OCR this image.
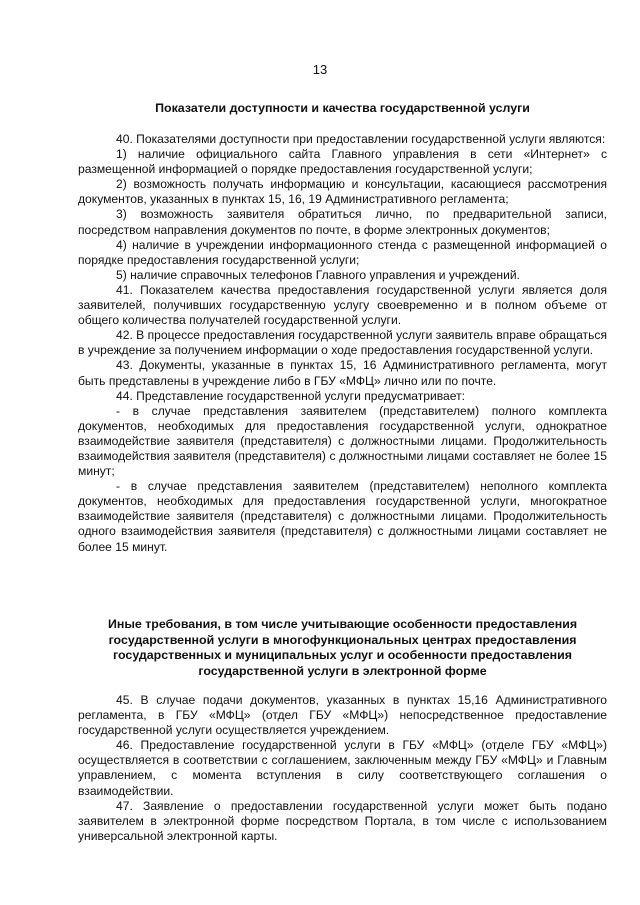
13
Показатели доступности и качества государственной услуги

40. Показателями доступности при предоставлении государственной услуги являются:

1) наличие официального сайта Главного управления в сети «Интернет» с размещенной информацией о порядке предоставления государственной услуги;

2) возможность получать информацию и консультации, касающиеся рассмотрения документов, указанных в пунктах 15, 16, 19 Административного регламента;

3) возможность заявителя обратиться лично, по предварительной записи, посредством направления документов по почте, в форме электронных документов;

4) наличие в учреждении информационного стенда с размещенной информацией о порядке предоставления государственной услуги;

5) наличие справочных телефонов Главного управления и учреждений.

41. Показателем качества предоставления государственной услуги является доля заявителей, получивших государственную услугу своевременно и в полном объеме от общего количества получателей государственной услуги.

42. В процессе предоставления государственной услуги заявитель вправе обращаться в учреждение за получением информации о ходе предоставления государственной услуги.

43. Документы, указанные в пунктах 15, 16 Административного регламента, могут быть представлены в учреждение либо в ГБУ «МФЦ» лично или по почте.

44. Представление государственной услуги предусматривает:

- в случае представления заявителем (представителем) полного комплекта документов, необходимых для предоставления государственной услуги, однократное взаимодействие заявителя (представителя) с должностными лицами. Продолжительность взаимодействия заявителя (представителя) с должностными лицами составляет не более 15 минут;

- в случае представления заявителем (представителем) неполного комплекта документов, необходимых для предоставления государственной услуги, многократное взаимодействие заявителя (представителя) с должностными лицами. Продолжительность одного взаимодействия заявителя (представителя) с должностными лицами составляет не более 15 минут.

Иные требования, в том числе учитывающие особенности предоставления государственной услуги в многофункциональных центрах предоставления государственных и муниципальных услуг и особенности предоставления государственной услуги в электронной форме

45. В случае подачи документов, указанных в пунктах 15,16 Административного регламента, в ГБУ «МФЦ» (отдел ГБУ «МФЦ») непосредственное предоставление государственной услуги осуществляется учреждением.

46. Предоставление государственной услуги в ГБУ «МФЦ» (отделе ГБУ «МФЦ») осуществляется в соответствии с соглашением, заключенным между ГБУ «МФЦ» и Главным управлением, с момента вступления в силу соответствующего соглашения о взаимодействии.

47. Заявление о предоставлении государственной услуги может быть подано заявителем в электронной форме посредством Портала, в том числе с использованием универсальной электронной карты.
